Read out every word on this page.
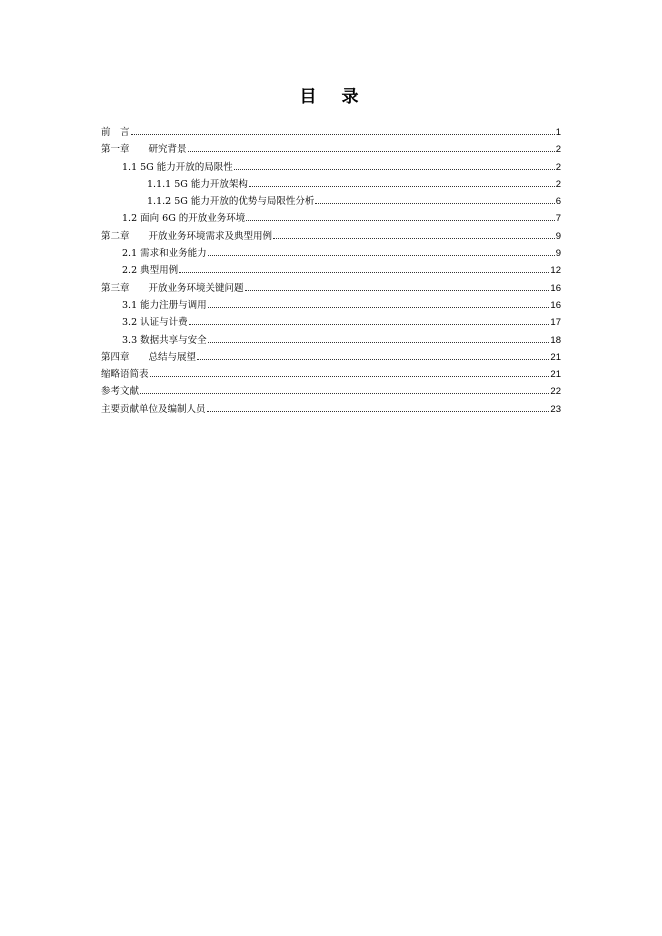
目　录
前　言	1
第一章　　研究背景	2
1.1 5G 能力开放的局限性	2
1.1.1 5G 能力开放架构	2
1.1.2 5G 能力开放的优势与局限性分析	6
1.2 面向 6G 的开放业务环境	7
第二章　　开放业务环境需求及典型用例	9
2.1 需求和业务能力	9
2.2 典型用例	12
第三章　　开放业务环境关键问题	16
3.1 能力注册与调用	16
3.2 认证与计费	17
3.3 数据共享与安全	18
第四章　　总结与展望	21
缩略语简表	21
参考文献	22
主要贡献单位及编制人员	23
